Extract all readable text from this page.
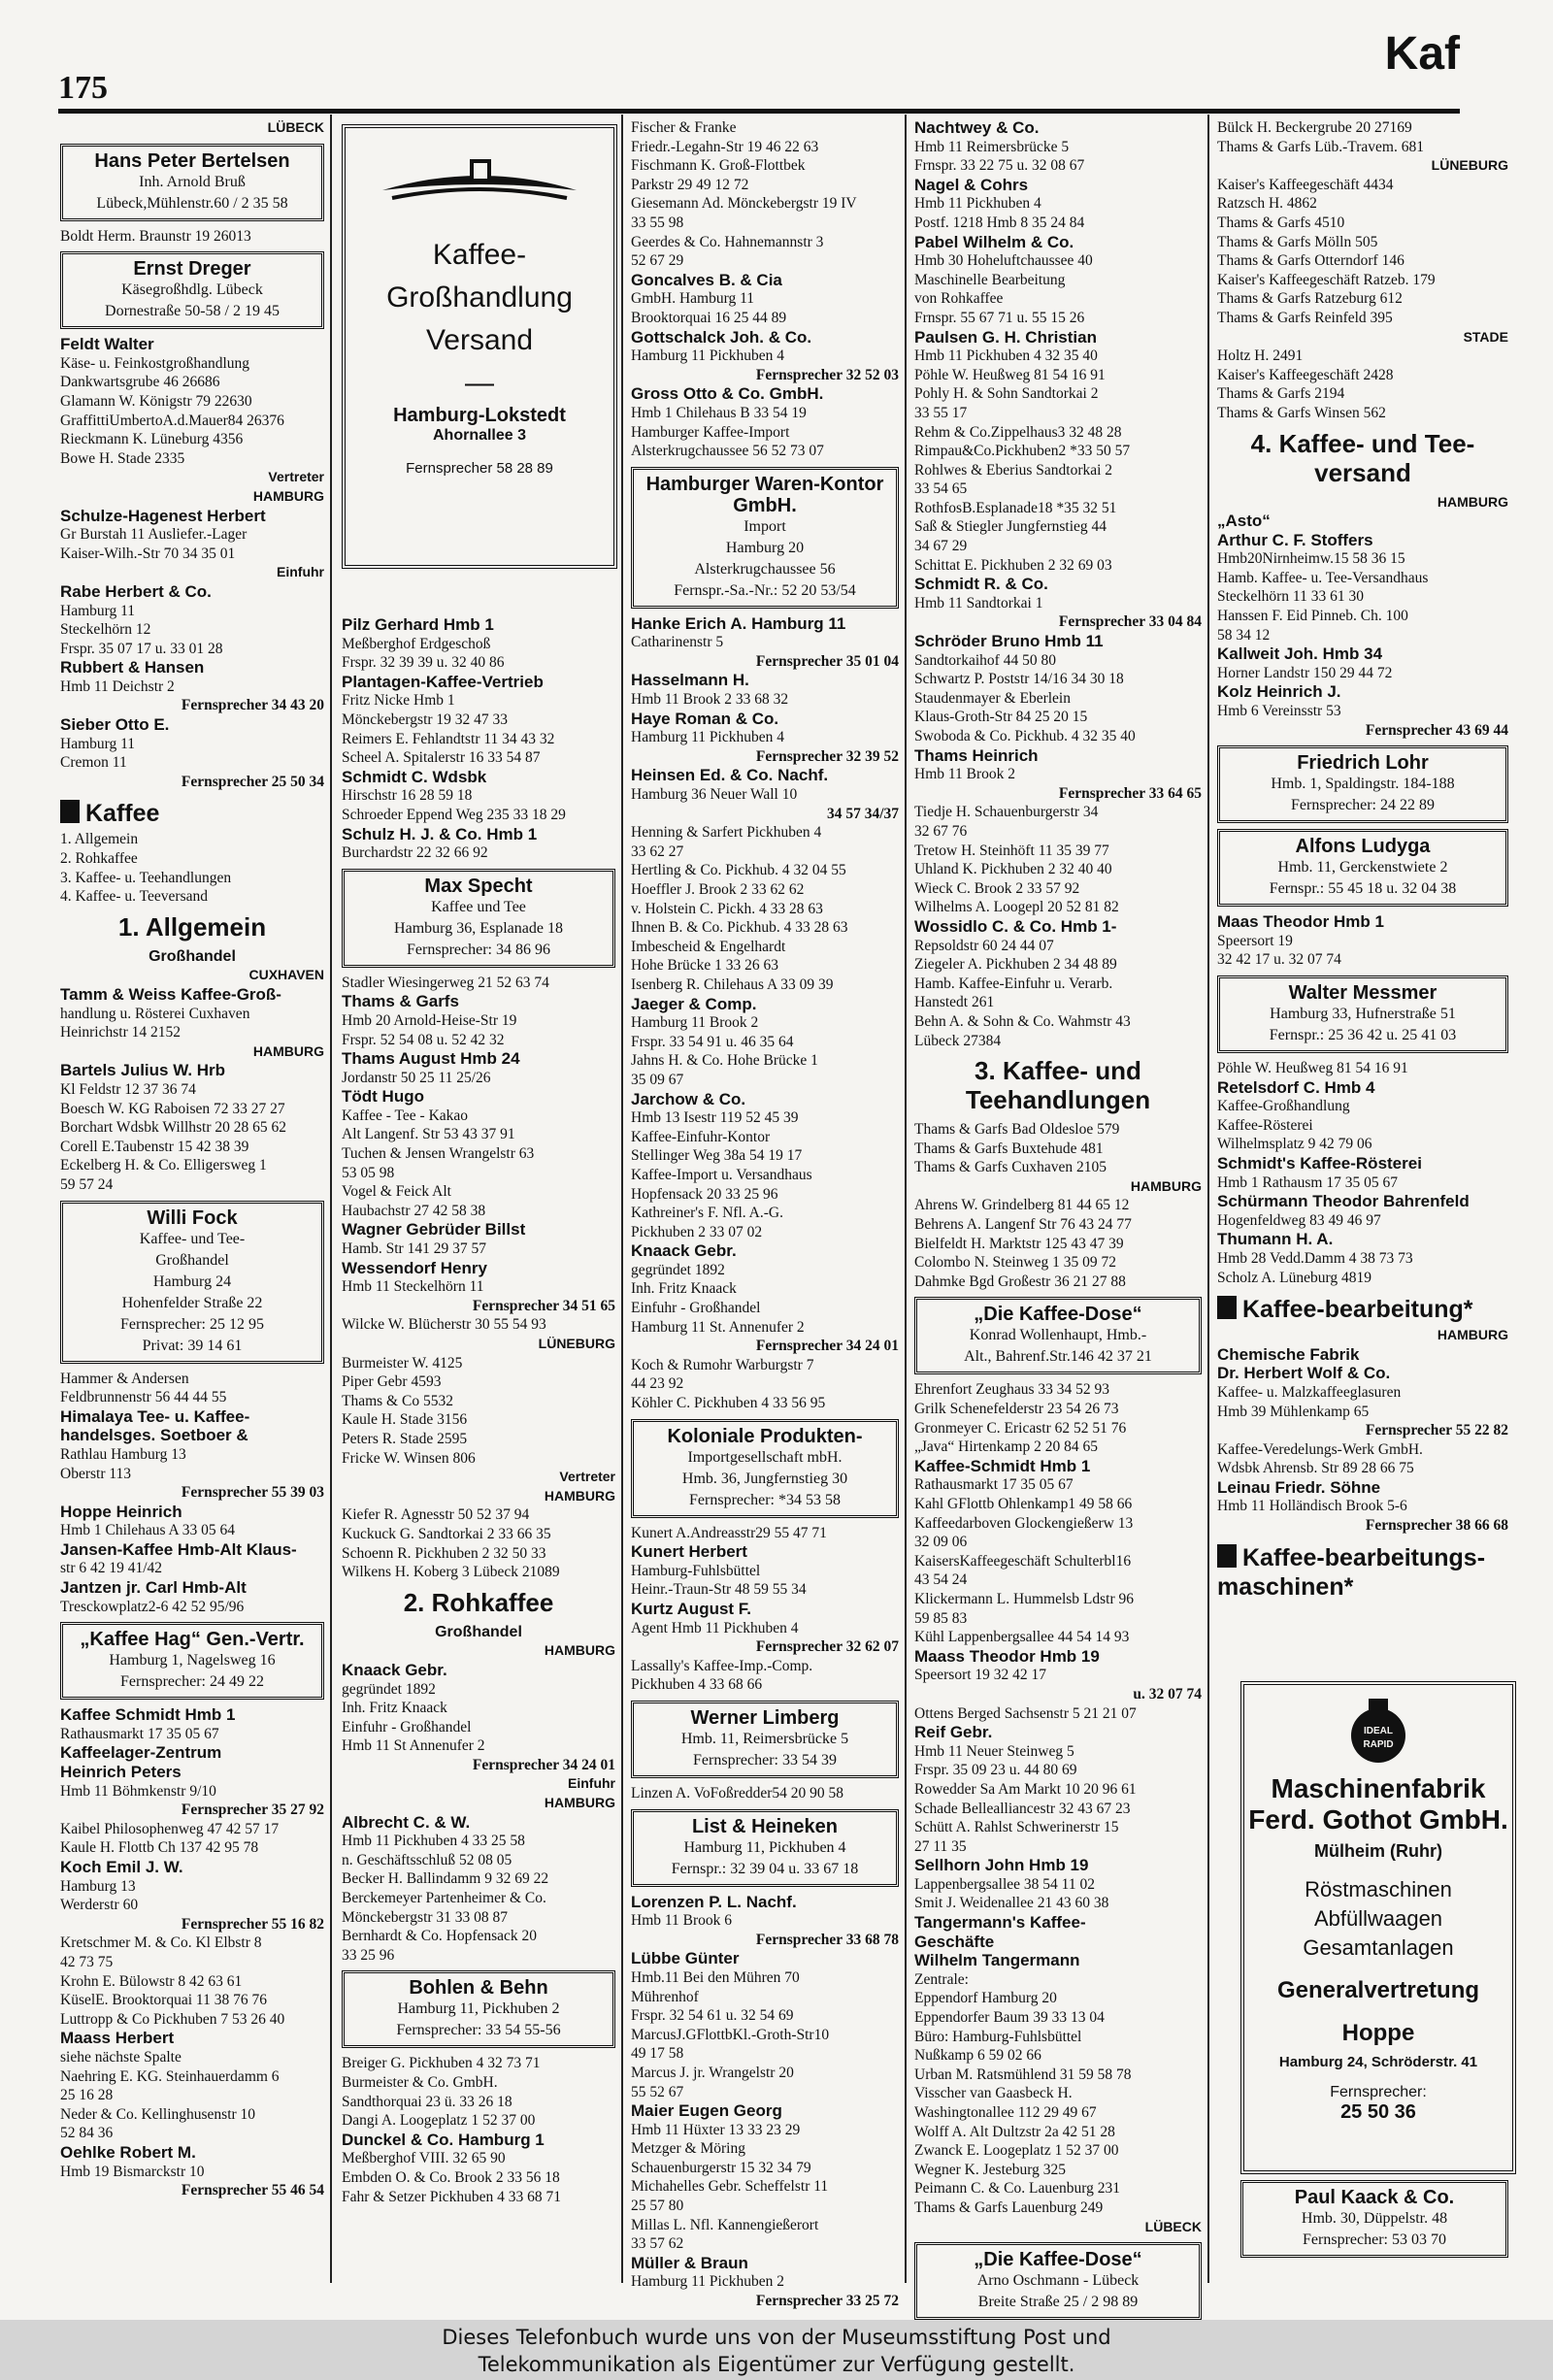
175
Kaf
LÜBECK
Hans Peter Bertelsen
Inh. Arnold Bruß
Lübeck,Mühlenstr.60 / 2 35 58
Boldt Herm. Braunstr 19 26013
Ernst Dreger
Käsegroßhdlg. Lübeck
Dornestraße 50-58 / 2 19 45
Feldt Walter
Käse- u. Feinkostgroßhandlung
Dankwartsgrube 46 26686
Glamann W. Königstr 79 22630
GraffittiUmbertoA.d.Mauer84 26376
Rieckmann K. Lüneburg 4356
Bowe H. Stade 2335
Vertreter
HAMBURG
Schulze-Hagenest Herbert
Gr Burstah 11 Ausliefer.-Lager
Kaiser-Wilh.-Str 70 34 35 01
Einfuhr
Rabe Herbert & Co.
Hamburg 11
Steckelhörn 12
Frspr. 35 07 17 u. 33 01 28
Rubbert & Hansen
Hmb 11 Deichstr 2
Fernsprecher 34 43 20
Sieber Otto E.
Hamburg 11
Cremon 11
Fernsprecher 25 50 34
Kaffee
1. Allgemein
2. Rohkaffee
3. Kaffee- u. Teehandlungen
4. Kaffee- u. Teeversand
1. Allgemein
Großhandel
CUXHAVEN
Tamm & Weiss Kaffee-Groß-
handlung u. Rösterei Cuxhaven
Heinrichstr 14 2152
HAMBURG
Bartels Julius W. Hrb
Kl Feldstr 12 37 36 74
Boesch W. KG Raboisen 72 33 27 27
Borchart Wdsbk Willhstr 20 28 65 62
Corell E.Taubenstr 15 42 38 39
Eckelberg H. & Co. Elligersweg 1
59 57 24
Willi Fock
Kaffee- und Tee-
Großhandel
Hamburg 24
Hohenfelder Straße 22
Fernsprecher: 25 12 95
Privat: 39 14 61
Hammer & Andersen
Feldbrunnenstr 56 44 44 55
Himalaya Tee- u. Kaffee-
handelsges. Soetboer &
Rathlau Hamburg 13
Oberstr 113
Fernsprecher 55 39 03
Hoppe Heinrich
Hmb 1 Chilehaus A 33 05 64
Jansen-Kaffee Hmb-Alt Klaus-
str 6 42 19 41/42
Jantzen jr. Carl Hmb-Alt
Tresckowplatz2-6 42 52 95/96
„Kaffee Hag“ Gen.-Vertr.
Hamburg 1, Nagelsweg 16
Fernsprecher: 24 49 22
Kaffee Schmidt Hmb 1
Rathausmarkt 17 35 05 67
Kaffeelager-Zentrum
Heinrich Peters
Hmb 11 Böhmkenstr 9/10
Fernsprecher 35 27 92
Kaibel Philosophenweg 47 42 57 17
Kaule H. Flottb Ch 137 42 95 78
Koch Emil J. W.
Hamburg 13
Werderstr 60
Fernsprecher 55 16 82
Kretschmer M. & Co. Kl Elbstr 8
42 73 75
Krohn E. Bülowstr 8 42 63 61
KüselE. Brooktorquai 11 38 76 76
Luttropp & Co Pickhuben 7 53 26 40
Maass Herbert
siehe nächste Spalte
Naehring E. KG. Steinhauerdamm 6
25 16 28
Neder & Co. Kellinghusenstr 10
52 84 36
Oehlke Robert M.
Hmb 19 Bismarckstr 10
Fernsprecher 55 46 54
Pilz Gerhard Hmb 1
Meßberghof Erdgeschoß
Frspr. 32 39 39 u. 32 40 86
Plantagen-Kaffee-Vertrieb
Fritz Nicke Hmb 1
Mönckebergstr 19 32 47 33
Reimers E. Fehlandtstr 11 34 43 32
Scheel A. Spitalerstr 16 33 54 87
Schmidt C. Wdsbk
Hirschstr 16 28 59 18
Schroeder Eppend Weg 235 33 18 29
Schulz H. J. & Co. Hmb 1
Burchardstr 22 32 66 92
Max Specht
Kaffee und Tee
Hamburg 36, Esplanade 18
Fernsprecher: 34 86 96
Stadler Wiesingerweg 21 52 63 74
Thams & Garfs
Hmb 20 Arnold-Heise-Str 19
Frspr. 52 54 08 u. 52 42 32
Thams August Hmb 24
Jordanstr 50 25 11 25/26
Tödt Hugo
Kaffee - Tee - Kakao
Alt Langenf. Str 53 43 37 91
Tuchen & Jensen Wrangelstr 63
53 05 98
Vogel & Feick Alt
Haubachstr 27 42 58 38
Wagner Gebrüder Billst
Hamb. Str 141 29 37 57
Wessendorf Henry
Hmb 11 Steckelhörn 11
Fernsprecher 34 51 65
Wilcke W. Blücherstr 30 55 54 93
LÜNEBURG
Burmeister W. 4125
Piper Gebr 4593
Thams & Co 5532
Kaule H. Stade 3156
Peters R. Stade 2595
Fricke W. Winsen 806
Vertreter
HAMBURG
Kiefer R. Agnesstr 50 52 37 94
Kuckuck G. Sandtorkai 2 33 66 35
Schoenn R. Pickhuben 2 32 50 33
Wilkens H. Koberg 3 Lübeck 21089
2. Rohkaffee
Großhandel
HAMBURG
Knaack Gebr.
gegründet 1892
Inh. Fritz Knaack
Einfuhr - Großhandel
Hmb 11 St Annenufer 2
Fernsprecher 34 24 01
Einfuhr
HAMBURG
Albrecht C. & W.
Hmb 11 Pickhuben 4 33 25 58
n. Geschäftsschluß 52 08 05
Becker H. Ballindamm 9 32 69 22
Berckemeyer Partenheimer & Co.
Mönckebergstr 31 33 08 87
Bernhardt & Co. Hopfensack 20
33 25 96
Bohlen & Behn
Hamburg 11, Pickhuben 2
Fernsprecher: 33 54 55-56
Breiger G. Pickhuben 4 32 73 71
Burmeister & Co. GmbH.
Sandthorquai 23 ü. 33 26 18
Dangi A. Loogeplatz 1 52 37 00
Dunckel & Co. Hamburg 1
Meßberghof VIII. 32 65 90
Embden O. & Co. Brook 2 33 56 18
Fahr & Setzer Pickhuben 4 33 68 71
Fischer & Franke
Friedr.-Legahn-Str 19 46 22 63
Fischmann K. Groß-Flottbek
Parkstr 29 49 12 72
Giesemann Ad. Mönckebergstr 19 IV
33 55 98
Geerdes & Co. Hahnemannstr 3
52 67 29
Goncalves B. & Cia
GmbH. Hamburg 11
Brooktorquai 16 25 44 89
Gottschalck Joh. & Co.
Hamburg 11 Pickhuben 4
Fernsprecher 32 52 03
Gross Otto & Co. GmbH.
Hmb 1 Chilehaus B 33 54 19
Hamburger Kaffee-Import
Alsterkrugchaussee 56 52 73 07
Hamburger Waren-Kontor GmbH.
Import
Hamburg 20
Alsterkrugchaussee 56
Fernspr.-Sa.-Nr.: 52 20 53/54
Hanke Erich A. Hamburg 11
Catharinenstr 5
Fernsprecher 35 01 04
Hasselmann H.
Hmb 11 Brook 2 33 68 32
Haye Roman & Co.
Hamburg 11 Pickhuben 4
Fernsprecher 32 39 52
Heinsen Ed. & Co. Nachf.
Hamburg 36 Neuer Wall 10
34 57 34/37
Henning & Sarfert Pickhuben 4
33 62 27
Hertling & Co. Pickhub. 4 32 04 55
Hoeffler J. Brook 2 33 62 62
v. Holstein C. Pickh. 4 33 28 63
Ihnen B. & Co. Pickhub. 4 33 28 63
Imbescheid & Engelhardt
Hohe Brücke 1 33 26 63
Isenberg R. Chilehaus A 33 09 39
Jaeger & Comp.
Hamburg 11 Brook 2
Frspr. 33 54 91 u. 46 35 64
Jahns H. & Co. Hohe Brücke 1
35 09 67
Jarchow & Co.
Hmb 13 Isestr 119 52 45 39
Kaffee-Einfuhr-Kontor
Stellinger Weg 38a 54 19 17
Kaffee-Import u. Versandhaus
Hopfensack 20 33 25 96
Kathreiner's F. Nfl. A.-G.
Pickhuben 2 33 07 02
Knaack Gebr.
gegründet 1892
Inh. Fritz Knaack
Einfuhr - Großhandel
Hamburg 11 St. Annenufer 2
Fernsprecher 34 24 01
Koch & Rumohr Warburgstr 7
44 23 92
Köhler C. Pickhuben 4 33 56 95
Koloniale Produkten-
Importgesellschaft mbH.
Hmb. 36, Jungfernstieg 30
Fernsprecher: *34 53 58
Kunert A.Andreasstr29 55 47 71
Kunert Herbert
Hamburg-Fuhlsbüttel
Heinr.-Traun-Str 48 59 55 34
Kurtz August F.
Agent Hmb 11 Pickhuben 4
Fernsprecher 32 62 07
Lassally's Kaffee-Imp.-Comp.
Pickhuben 4 33 68 66
Werner Limberg
Hmb. 11, Reimersbrücke 5
Fernsprecher: 33 54 39
Linzen A. VoFoßredder54 20 90 58
List & Heineken
Hamburg 11, Pickhuben 4
Fernspr.: 32 39 04 u. 33 67 18
Lorenzen P. L. Nachf.
Hmb 11 Brook 6
Fernsprecher 33 68 78
Lübbe Günter
Hmb.11 Bei den Mühren 70
Mührenhof
Frspr. 32 54 61 u. 32 54 69
MarcusJ.GFlottbKl.-Groth-Str10
49 17 58
Marcus J. jr. Wrangelstr 20
55 52 67
Maier Eugen Georg
Hmb 11 Hüxter 13 33 23 29
Metzger & Möring
Schauenburgerstr 15 32 34 79
Michahelles Gebr. Scheffelstr 11
25 57 80
Millas L. Nfl. Kannengießerort
33 57 62
Müller & Braun
Hamburg 11 Pickhuben 2
Fernsprecher 33 25 72
Nachtwey & Co.
Hmb 11 Reimersbrücke 5
Frnspr. 33 22 75 u. 32 08 67
Nagel & Cohrs
Hmb 11 Pickhuben 4
Postf. 1218 Hmb 8 35 24 84
Pabel Wilhelm & Co.
Hmb 30 Hoheluftchaussee 40
Maschinelle Bearbeitung
von Rohkaffee
Frnspr. 55 67 71 u. 55 15 26
Paulsen G. H. Christian
Hmb 11 Pickhuben 4 32 35 40
Pöhle W. Heußweg 81 54 16 91
Pohly H. & Sohn Sandtorkai 2
33 55 17
Rehm & Co.Zippelhaus3 32 48 28
Rimpau&Co.Pickhuben2 *33 50 57
Rohlwes & Eberius Sandtorkai 2
33 54 65
RothfosB.Esplanade18 *35 32 51
Saß & Stiegler Jungfernstieg 44
34 67 29
Schittat E. Pickhuben 2 32 69 03
Schmidt R. & Co.
Hmb 11 Sandtorkai 1
Fernsprecher 33 04 84
Schröder Bruno Hmb 11
Sandtorkaihof 44 50 80
Schwartz P. Poststr 14/16 34 30 18
Staudenmayer & Eberlein
Klaus-Groth-Str 84 25 20 15
Swoboda & Co. Pickhub. 4 32 35 40
Thams Heinrich
Hmb 11 Brook 2
Fernsprecher 33 64 65
Tiedje H. Schauenburgerstr 34
32 67 76
Tretow H. Steinhöft 11 35 39 77
Uhland K. Pickhuben 2 32 40 40
Wieck C. Brook 2 33 57 92
Wilhelms A. Loogepl 20 52 81 82
Wossidlo C. & Co. Hmb 1-
Repsoldstr 60 24 44 07
Ziegeler A. Pickhuben 2 34 48 89
Hamb. Kaffee-Einfuhr u. Verarb.
Hanstedt 261
Behn A. & Sohn & Co. Wahmstr 43
Lübeck 27384
3. Kaffee- und Teehandlungen
Thams & Garfs Bad Oldesloe 579
Thams & Garfs Buxtehude 481
Thams & Garfs Cuxhaven 2105
HAMBURG
Ahrens W. Grindelberg 81 44 65 12
Behrens A. Langenf Str 76 43 24 77
Bielfeldt H. Marktstr 125 43 47 39
Colombo N. Steinweg 1 35 09 72
Dahmke Bgd Großestr 36 21 27 88
„Die Kaffee-Dose“
Konrad Wollenhaupt, Hmb.-
Alt., Bahrenf.Str.146 42 37 21
Ehrenfort Zeughaus 33 34 52 93
Grilk Schenefelderstr 23 54 26 73
Gronmeyer C. Ericastr 62 52 51 76
„Java“ Hirtenkamp 2 20 84 65
Kaffee-Schmidt Hmb 1
Rathausmarkt 17 35 05 67
Kahl GFlottb Ohlenkamp1 49 58 66
Kaffeedarboven Glockengießerw 13
32 09 06
KaisersKaffeegeschäft Schulterbl16
43 54 24
Klickermann L. Hummelsb Ldstr 96
59 85 83
Kühl Lappenbergsallee 44 54 14 93
Maass Theodor Hmb 19
Speersort 19 32 42 17
u. 32 07 74
Ottens Berged Sachsenstr 5 21 21 07
Reif Gebr.
Hmb 11 Neuer Steinweg 5
Frspr. 35 09 23 u. 44 80 69
Rowedder Sa Am Markt 10 20 96 61
Schade Bellealliancestr 32 43 67 23
Schütt A. Rahlst Schwerinerstr 15
27 11 35
Sellhorn John Hmb 19
Lappenbergsallee 38 54 11 02
Smit J. Weidenallee 21 43 60 38
Tangermann's Kaffee-
Geschäfte
Wilhelm Tangermann
Zentrale:
Eppendorf Hamburg 20
Eppendorfer Baum 39 33 13 04
Büro: Hamburg-Fuhlsbüttel
Nußkamp 6 59 02 66
Urban M. Ratsmühlend 31 59 58 78
Visscher van Gaasbeck H.
Washingtonallee 112 29 49 67
Wolff A. Alt Dultzstr 2a 42 51 28
Zwanck E. Loogeplatz 1 52 37 00
Wegner K. Jesteburg 325
Peimann C. & Co. Lauenburg 231
Thams & Garfs Lauenburg 249
LÜBECK
„Die Kaffee-Dose“
Arno Oschmann - Lübeck
Breite Straße 25 / 2 98 89
Bülck H. Beckergrube 20 27169
Thams & Garfs Lüb.-Travem. 681
LÜNEBURG
Kaiser's Kaffeegeschäft 4434
Ratzsch H. 4862
Thams & Garfs 4510
Thams & Garfs Mölln 505
Thams & Garfs Otterndorf 146
Kaiser's Kaffeegeschäft Ratzeb. 179
Thams & Garfs Ratzeburg 612
Thams & Garfs Reinfeld 395
STADE
Holtz H. 2491
Kaiser's Kaffeegeschäft 2428
Thams & Garfs 2194
Thams & Garfs Winsen 562
4. Kaffee- und Tee-versand
HAMBURG
„Asto“
Arthur C. F. Stoffers
Hmb20Nirnheimw.15 58 36 15
Hamb. Kaffee- u. Tee-Versandhaus
Steckelhörn 11 33 61 30
Hanssen F. Eid Pinneb. Ch. 100
58 34 12
Kallweit Joh. Hmb 34
Horner Landstr 150 29 44 72
Kolz Heinrich J.
Hmb 6 Vereinsstr 53
Fernsprecher 43 69 44
Friedrich Lohr
Hmb. 1, Spaldingstr. 184-188
Fernsprecher: 24 22 89
Alfons Ludyga
Hmb. 11, Gerckenstwiete 2
Fernspr.: 55 45 18 u. 32 04 38
Maas Theodor Hmb 1
Speersort 19
32 42 17 u. 32 07 74
Walter Messmer
Hamburg 33, Hufnerstraße 51
Fernspr.: 25 36 42 u. 25 41 03
Pöhle W. Heußweg 81 54 16 91
Retelsdorf C. Hmb 4
Kaffee-Großhandlung
Kaffee-Rösterei
Wilhelmsplatz 9 42 79 06
Schmidt's Kaffee-Rösterei
Hmb 1 Rathausm 17 35 05 67
Schürmann Theodor Bahrenfeld
Hogenfeldweg 83 49 46 97
Thumann H. A.
Hmb 28 Vedd.Damm 4 38 73 73
Scholz A. Lüneburg 4819
Kaffee-bearbeitung*
HAMBURG
Chemische Fabrik
Dr. Herbert Wolf & Co.
Kaffee- u. Malzkaffeeglasuren
Hmb 39 Mühlenkamp 65
Fernsprecher 55 22 82
Kaffee-Veredelungs-Werk GmbH.
Wdsbk Ahrensb. Str 89 28 66 75
Leinau Friedr. Söhne
Hmb 11 Holländisch Brook 5-6
Fernsprecher 38 66 68
Kaffee-bearbeitungs-maschinen*
Kaffee-
Großhandlung
Versand
—
Hamburg-Lokstedt
Ahornallee 3
Fernsprecher 58 28 89
IDEAL
RAPID
Maschinenfabrik
Ferd. Gothot GmbH.
Mülheim (Ruhr)
Röstmaschinen
Abfüllwaagen
Gesamtanlagen
Generalvertretung
Hoppe
Hamburg 24, Schröderstr. 41
Fernsprecher:
25 50 36
Paul Kaack & Co.
Hmb. 30, Düppelstr. 48
Fernsprecher: 53 03 70
Dieses Telefonbuch wurde uns von der Museumsstiftung Post und
Telekommunikation als Eigentümer zur Verfügung gestellt.
